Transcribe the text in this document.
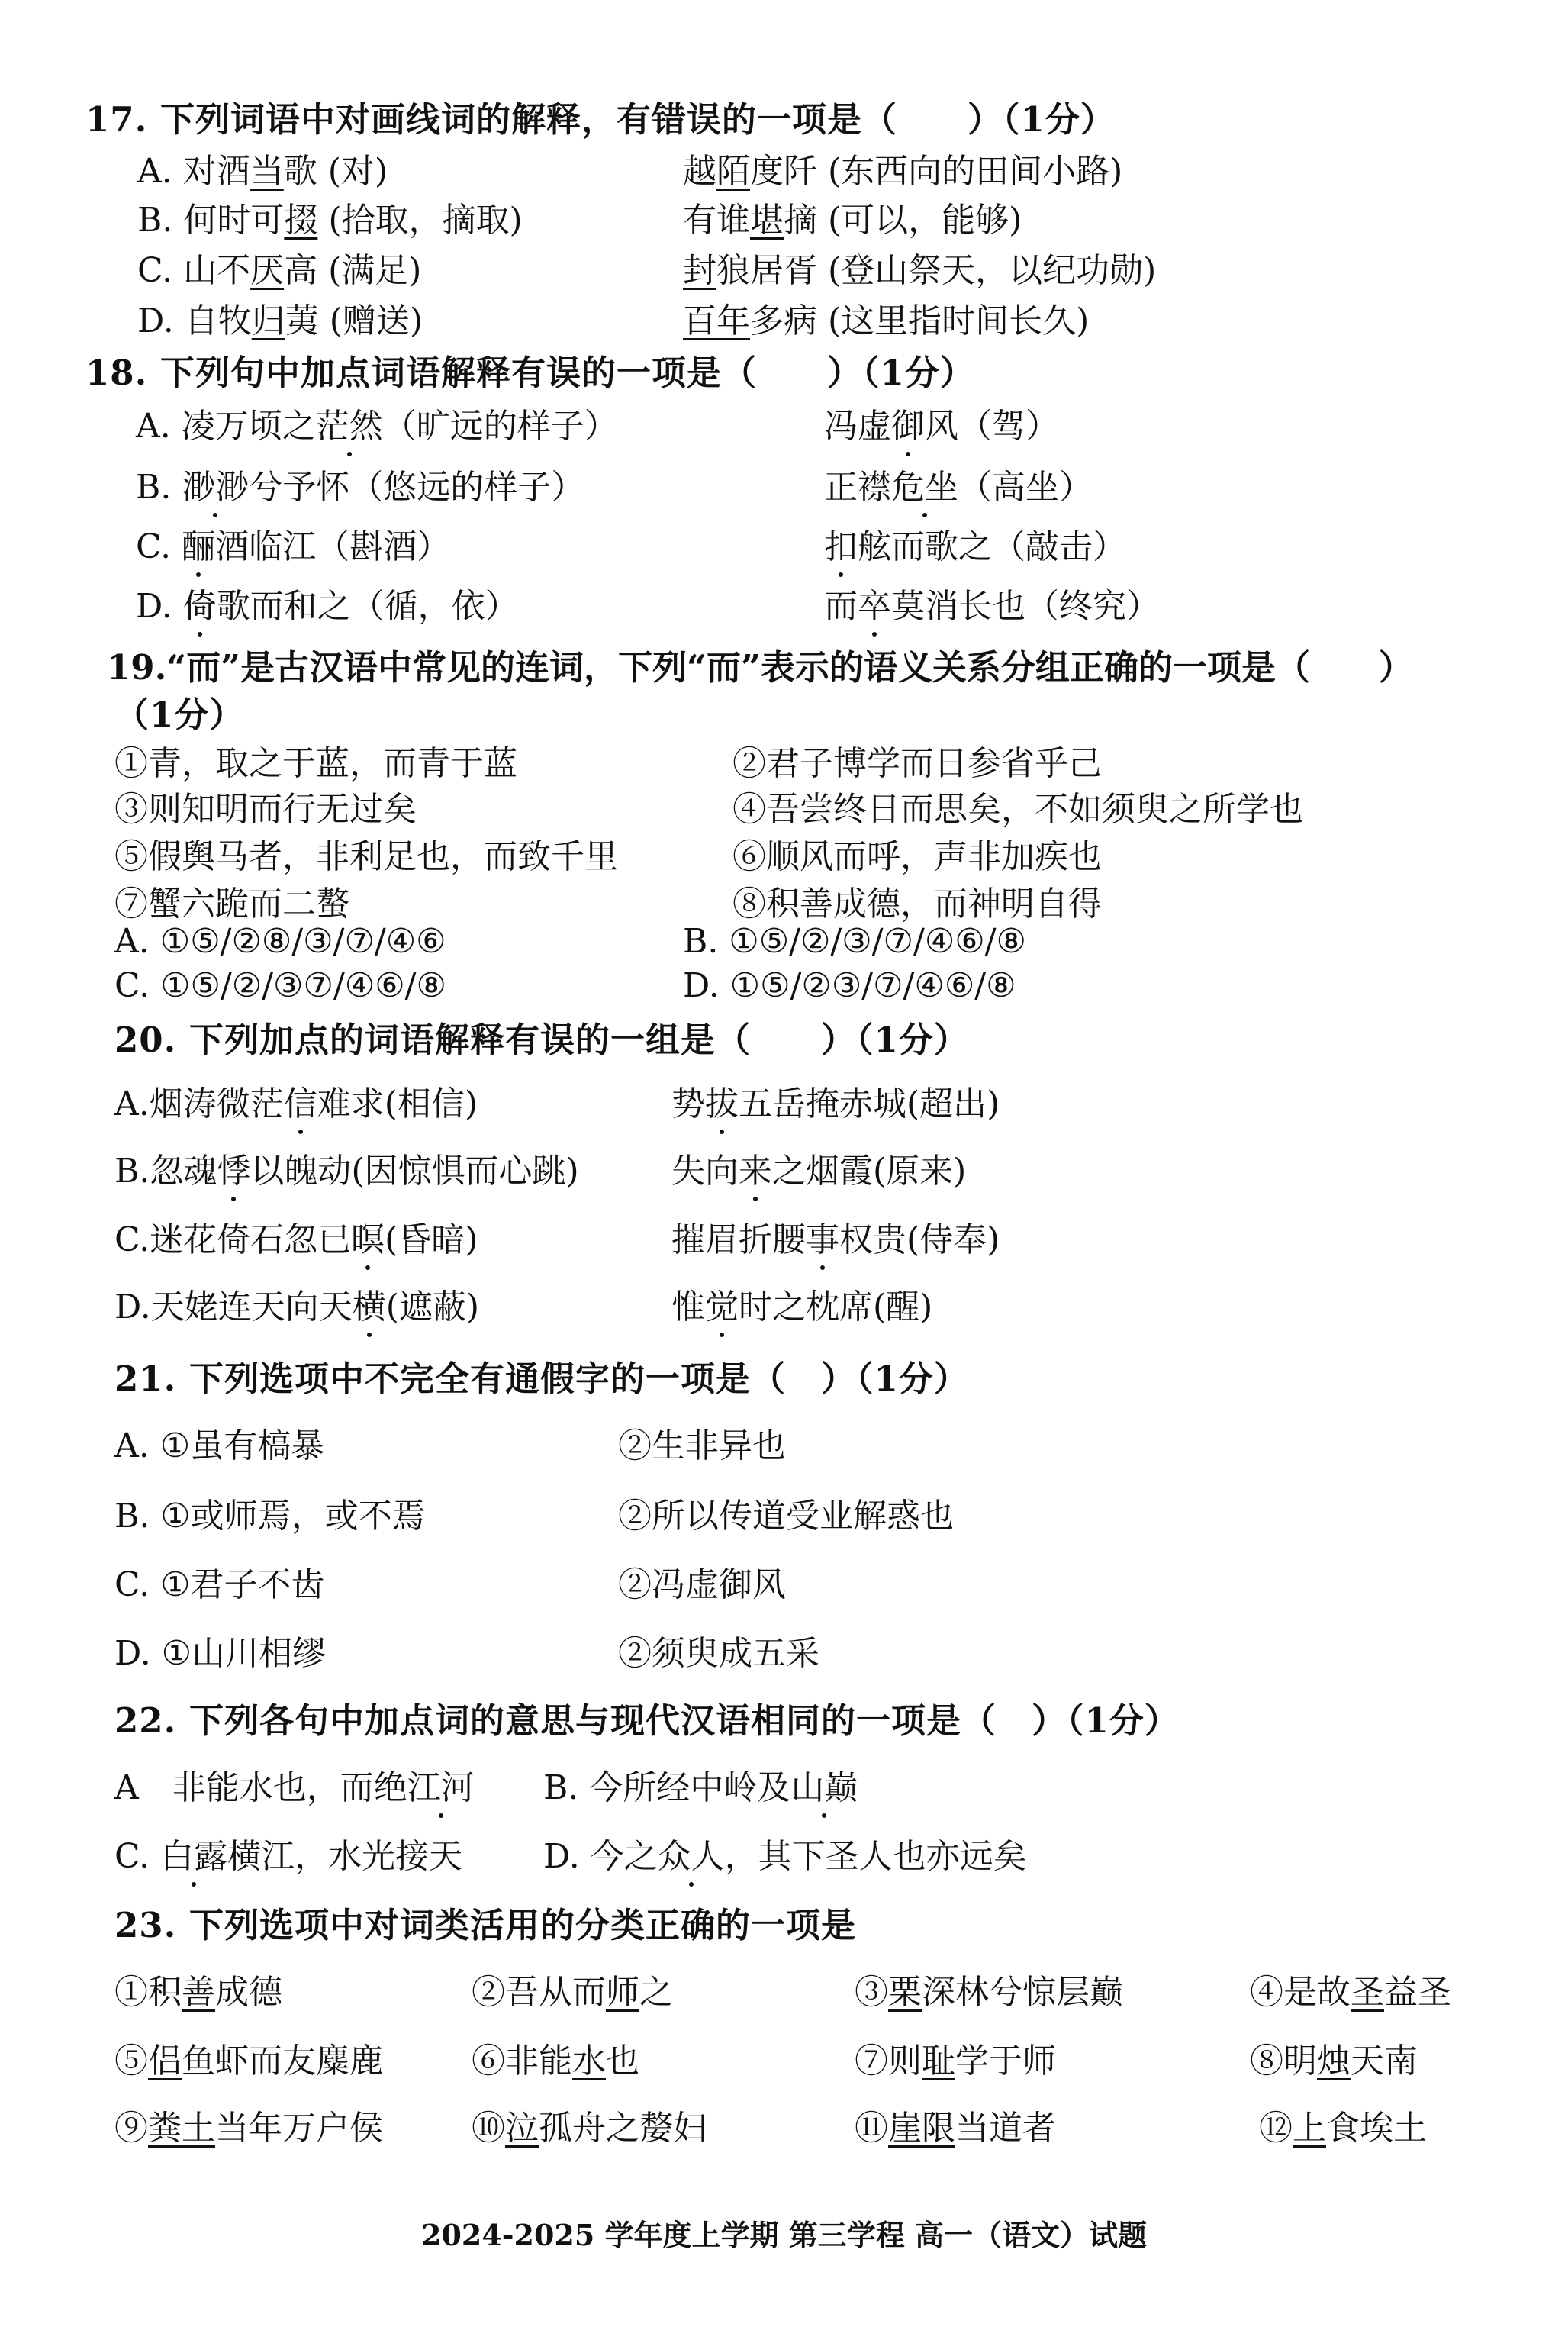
17. 下列词语中对画线词的解释，有错误的一项是（　　）（1分）
A. 对酒当歌 (对)	越陌度阡 (东西向的田间小路)
B. 何时可掇 (拾取，摘取)	有谁堪摘 (可以，能够)
C. 山不厌高 (满足)	封狼居胥 (登山祭天，以纪功勋)
D. 自牧归荑 (赠送)	百年多病 (这里指时间长久)
18. 下列句中加点词语解释有误的一项是（　　）（1分）
A. 凌万顷之茫然（旷远的样子）	冯虚御风（驾）
B. 渺渺兮予怀（悠远的样子）	正襟危坐（高坐）
C. 酾酒临江（斟酒）	扣舷而歌之（敲击）
D. 倚歌而和之（循，依）	而卒莫消长也（终究）
19.“而”是古汉语中常见的连词，下列“而”表示的语义关系分组正确的一项是（　　）
（1分）
①青，取之于蓝，而青于蓝	②君子博学而日参省乎己
③则知明而行无过矣	④吾尝终日而思矣，不如须臾之所学也
⑤假舆马者，非利足也，而致千里	⑥顺风而呼，声非加疾也
⑦蟹六跪而二螯	⑧积善成德，而神明自得
A. ①⑤/②⑧/③/⑦/④⑥	B. ①⑤/②/③/⑦/④⑥/⑧
C. ①⑤/②/③⑦/④⑥/⑧	D. ①⑤/②③/⑦/④⑥/⑧
20. 下列加点的词语解释有误的一组是（　　）（1分）
A.烟涛微茫信难求(相信)	势拔五岳掩赤城(超出)
B.忽魂悸以魄动(因惊惧而心跳)	失向来之烟霞(原来)
C.迷花倚石忽已暝(昏暗)	摧眉折腰事权贵(侍奉)
D.天姥连天向天横(遮蔽)	惟觉时之枕席(醒)
21. 下列选项中不完全有通假字的一项是（　）（1分）
A. ①虽有槁暴	②生非异也
B. ①或师焉，或不焉	②所以传道受业解惑也
C. ①君子不齿	②冯虚御风
D. ①山川相缪	②须臾成五采
22. 下列各句中加点词的意思与现代汉语相同的一项是（　）（1分）
A　非能水也，而绝江河 B. 今所经中岭及山巅
C. 白露横江，水光接天 D. 今之众人，其下圣人也亦远矣
23. 下列选项中对词类活用的分类正确的一项是
①积善成德	②吾从而师之	③栗深林兮惊层巅	④是故圣益圣
⑤侣鱼虾而友麋鹿	⑥非能水也	⑦则耻学于师	⑧明烛天南
⑨粪土当年万户侯	⑩泣孤舟之嫠妇	⑪崖限当道者	⑫上食埃土
2024-2025 学年度上学期 第三学程 高一（语文）试题
